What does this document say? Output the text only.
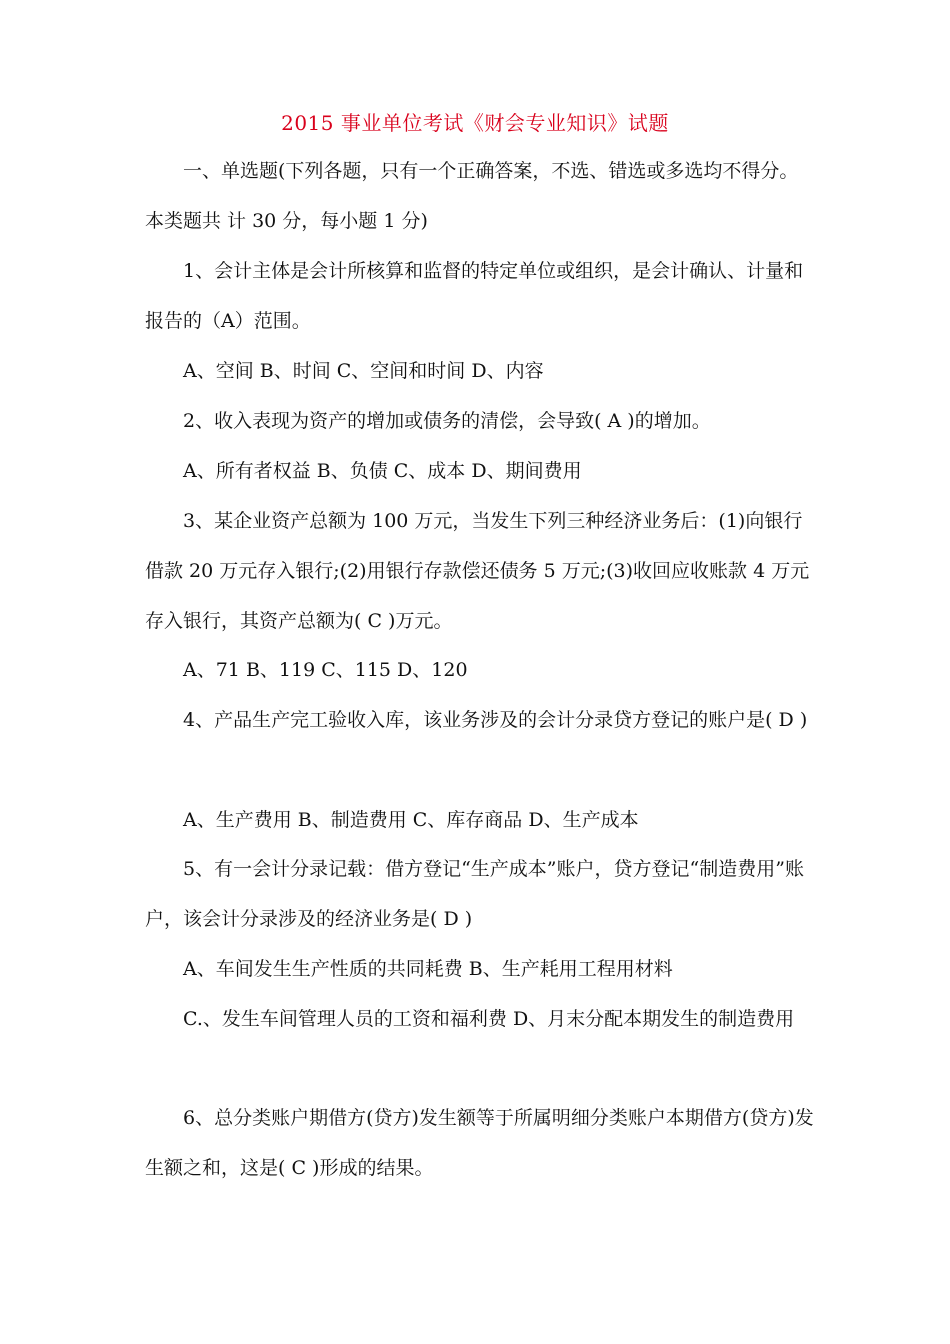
2015 事业单位考试《财会专业知识》试题

一、单选题(下列各题，只有一个正确答案，不选、错选或多选均不得分。本类题共 计 30 分，每小题 1 分)

1、会计主体是会计所核算和监督的特定单位或组织，是会计确认、计量和报告的（A）范围。

A、空间 B、时间 C、空间和时间 D、内容

2、收入表现为资产的增加或债务的清偿，会导致( A )的增加。

A、所有者权益 B、负债 C、成本 D、期间费用

3、某企业资产总额为 100 万元，当发生下列三种经济业务后：(1)向银行借款 20 万元存入银行;(2)用银行存款偿还债务 5 万元;(3)收回应收账款 4 万元存入银行，其资产总额为( C )万元。

A、71 B、119 C、115 D、120

4、产品生产完工验收入库，该业务涉及的会计分录贷方登记的账户是( D )

A、生产费用 B、制造费用 C、库存商品 D、生产成本

5、有一会计分录记载：借方登记“生产成本”账户，贷方登记“制造费用”账户，该会计分录涉及的经济业务是( D )

A、车间发生生产性质的共同耗费 B、生产耗用工程用材料

C.、发生车间管理人员的工资和福利费 D、月末分配本期发生的制造费用

6、总分类账户期借方(贷方)发生额等于所属明细分类账户本期借方(贷方)发生额之和，这是( C )形成的结果。
